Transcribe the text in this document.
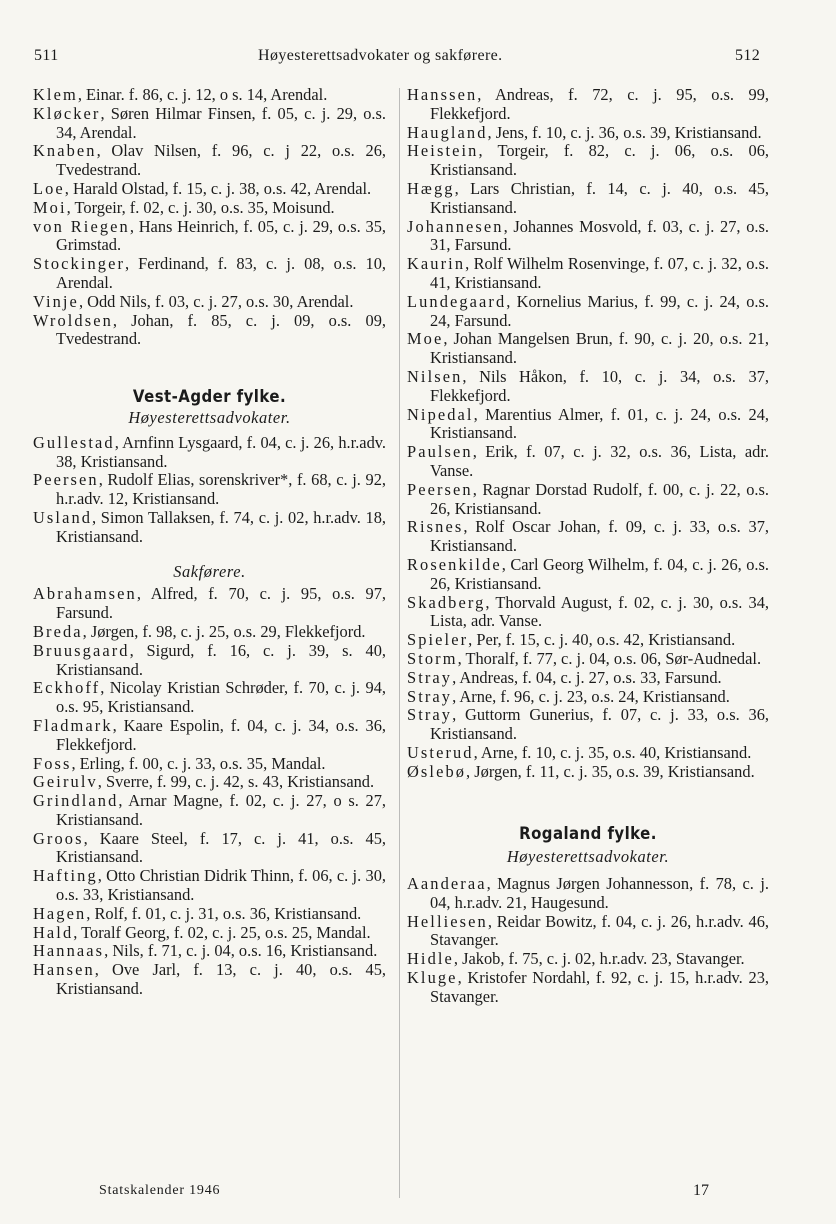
511	Høyesterettsadvokater og sakførere.	512

Klem, Einar. f. 86, c. j. 12, o s. 14, Arendal.

Kløcker, Søren Hilmar Finsen, f. 05, c. j. 29, o.s. 34, Arendal.

Knaben, Olav Nilsen, f. 96, c. j 22, o.s. 26, Tvedestrand.

Loe, Harald Olstad, f. 15, c. j. 38, o.s. 42, Arendal.

Moi, Torgeir, f. 02, c. j. 30, o.s. 35, Moisund.

von Riegen, Hans Heinrich, f. 05, c. j. 29, o.s. 35, Grimstad.

Stockinger, Ferdinand, f. 83, c. j. 08, o.s. 10, Arendal.

Vinje, Odd Nils, f. 03, c. j. 27, o.s. 30, Arendal.

Wroldsen, Johan, f. 85, c. j. 09, o.s. 09, Tvedestrand.

Vest-Agder fylke.
Høyesterettsadvokater.

Gullestad, Arnfinn Lysgaard, f. 04, c. j. 26, h.r.adv. 38, Kristiansand.

Peersen, Rudolf Elias, sorenskriver*, f. 68, c. j. 92, h.r.adv. 12, Kristiansand.

Usland, Simon Tallaksen, f. 74, c. j. 02, h.r.adv. 18, Kristiansand.

Sakførere.

Abrahamsen, Alfred, f. 70, c. j. 95, o.s. 97, Farsund.

Breda, Jørgen, f. 98, c. j. 25, o.s. 29, Flekkefjord.

Bruusgaard, Sigurd, f. 16, c. j. 39, s. 40, Kristiansand.

Eckhoff, Nicolay Kristian Schrøder, f. 70, c. j. 94, o.s. 95, Kristiansand.

Fladmark, Kaare Espolin, f. 04, c. j. 34, o.s. 36, Flekkefjord.

Foss, Erling, f. 00, c. j. 33, o.s. 35, Mandal.

Geirulv, Sverre, f. 99, c. j. 42, s. 43, Kristiansand.

Grindland, Arnar Magne, f. 02, c. j. 27, o s. 27, Kristiansand.

Groos, Kaare Steel, f. 17, c. j. 41, o.s. 45, Kristiansand.

Hafting, Otto Christian Didrik Thinn, f. 06, c. j. 30, o.s. 33, Kristiansand.

Hagen, Rolf, f. 01, c. j. 31, o.s. 36, Kristiansand.

Hald, Toralf Georg, f. 02, c. j. 25, o.s. 25, Mandal.

Hannaas, Nils, f. 71, c. j. 04, o.s. 16, Kristiansand.

Hansen, Ove Jarl, f. 13, c. j. 40, o.s. 45, Kristiansand.

Hanssen, Andreas, f. 72, c. j. 95, o.s. 99, Flekkefjord.

Haugland, Jens, f. 10, c. j. 36, o.s. 39, Kristiansand.

Heistein, Torgeir, f. 82, c. j. 06, o.s. 06, Kristiansand.

Hægg, Lars Christian, f. 14, c. j. 40, o.s. 45, Kristiansand.

Johannesen, Johannes Mosvold, f. 03, c. j. 27, o.s. 31, Farsund.

Kaurin, Rolf Wilhelm Rosenvinge, f. 07, c. j. 32, o.s. 41, Kristiansand.

Lundegaard, Kornelius Marius, f. 99, c. j. 24, o.s. 24, Farsund.

Moe, Johan Mangelsen Brun, f. 90, c. j. 20, o.s. 21, Kristiansand.

Nilsen, Nils Håkon, f. 10, c. j. 34, o.s. 37, Flekkefjord.

Nipedal, Marentius Almer, f. 01, c. j. 24, o.s. 24, Kristiansand.

Paulsen, Erik, f. 07, c. j. 32, o.s. 36, Lista, adr. Vanse.

Peersen, Ragnar Dorstad Rudolf, f. 00, c. j. 22, o.s. 26, Kristiansand.

Risnes, Rolf Oscar Johan, f. 09, c. j. 33, o.s. 37, Kristiansand.

Rosenkilde, Carl Georg Wilhelm, f. 04, c. j. 26, o.s. 26, Kristiansand.

Skadberg, Thorvald August, f. 02, c. j. 30, o.s. 34, Lista, adr. Vanse.

Spieler, Per, f. 15, c. j. 40, o.s. 42, Kristiansand.

Storm, Thoralf, f. 77, c. j. 04, o.s. 06, Sør-Audnedal.

Stray, Andreas, f. 04, c. j. 27, o.s. 33, Farsund.

Stray, Arne, f. 96, c. j. 23, o.s. 24, Kristiansand.

Stray, Guttorm Gunerius, f. 07, c. j. 33, o.s. 36, Kristiansand.

Usterud, Arne, f. 10, c. j. 35, o.s. 40, Kristiansand.

Øslebø, Jørgen, f. 11, c. j. 35, o.s. 39, Kristiansand.

Rogaland fylke.
Høyesterettsadvokater.

Aanderaa, Magnus Jørgen Johannesson, f. 78, c. j. 04, h.r.adv. 21, Haugesund.

Helliesen, Reidar Bowitz, f. 04, c. j. 26, h.r.adv. 46, Stavanger.

Hidle, Jakob, f. 75, c. j. 02, h.r.adv. 23, Stavanger.

Kluge, Kristofer Nordahl, f. 92, c. j. 15, h.r.adv. 23, Stavanger.

Statskalender 1946	17
